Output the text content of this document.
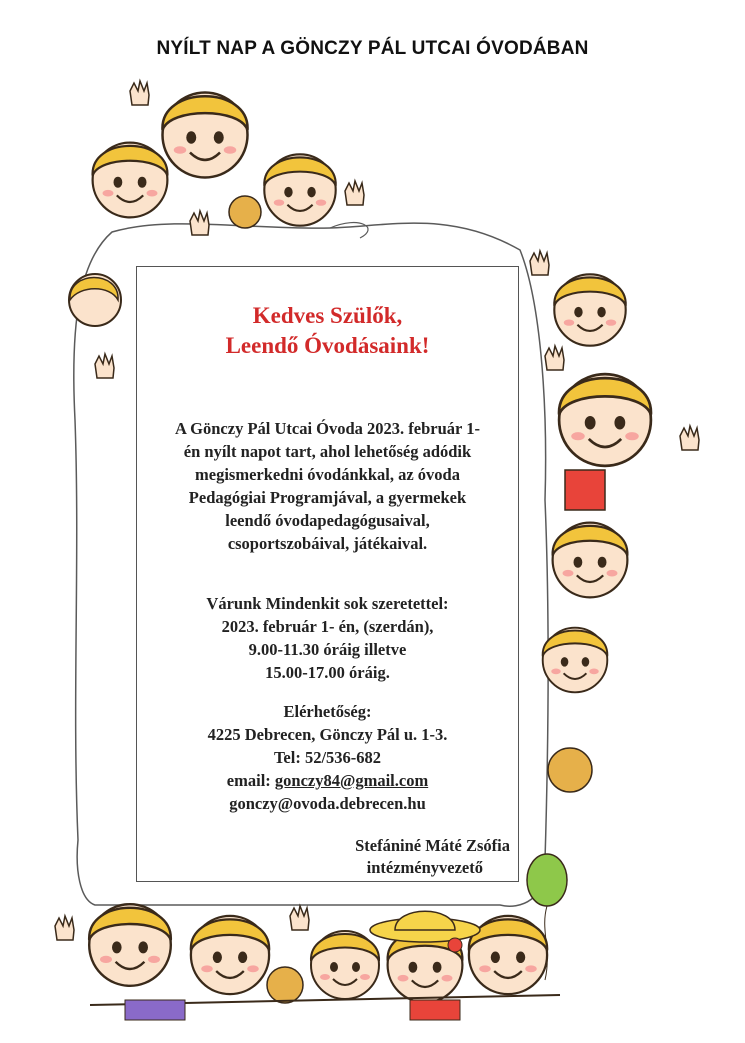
NYÍLT NAP A GÖNCZY PÁL UTCAI ÓVODÁBAN
Kedves Szülők,
Leendő Óvodásaink!
A Gönczy Pál Utcai Óvoda 2023. február 1-
én nyílt napot tart, ahol lehetőség adódik
megismerkedni óvodánkkal, az óvoda
Pedagógiai Programjával, a gyermekek
leendő óvodapedagógusaival,
csoportszobáival, játékaival.
Várunk Mindenkit sok szeretettel:
2023. február 1- én, (szerdán),
9.00-11.30 óráig illetve
15.00-17.00 óráig.
Elérhetőség:
4225 Debrecen, Gönczy Pál u. 1-3.
Tel: 52/536-682
email: gonczy84@gmail.com
gonczy@ovoda.debrecen.hu
Stefániné Máté Zsófia
intézményvezető
